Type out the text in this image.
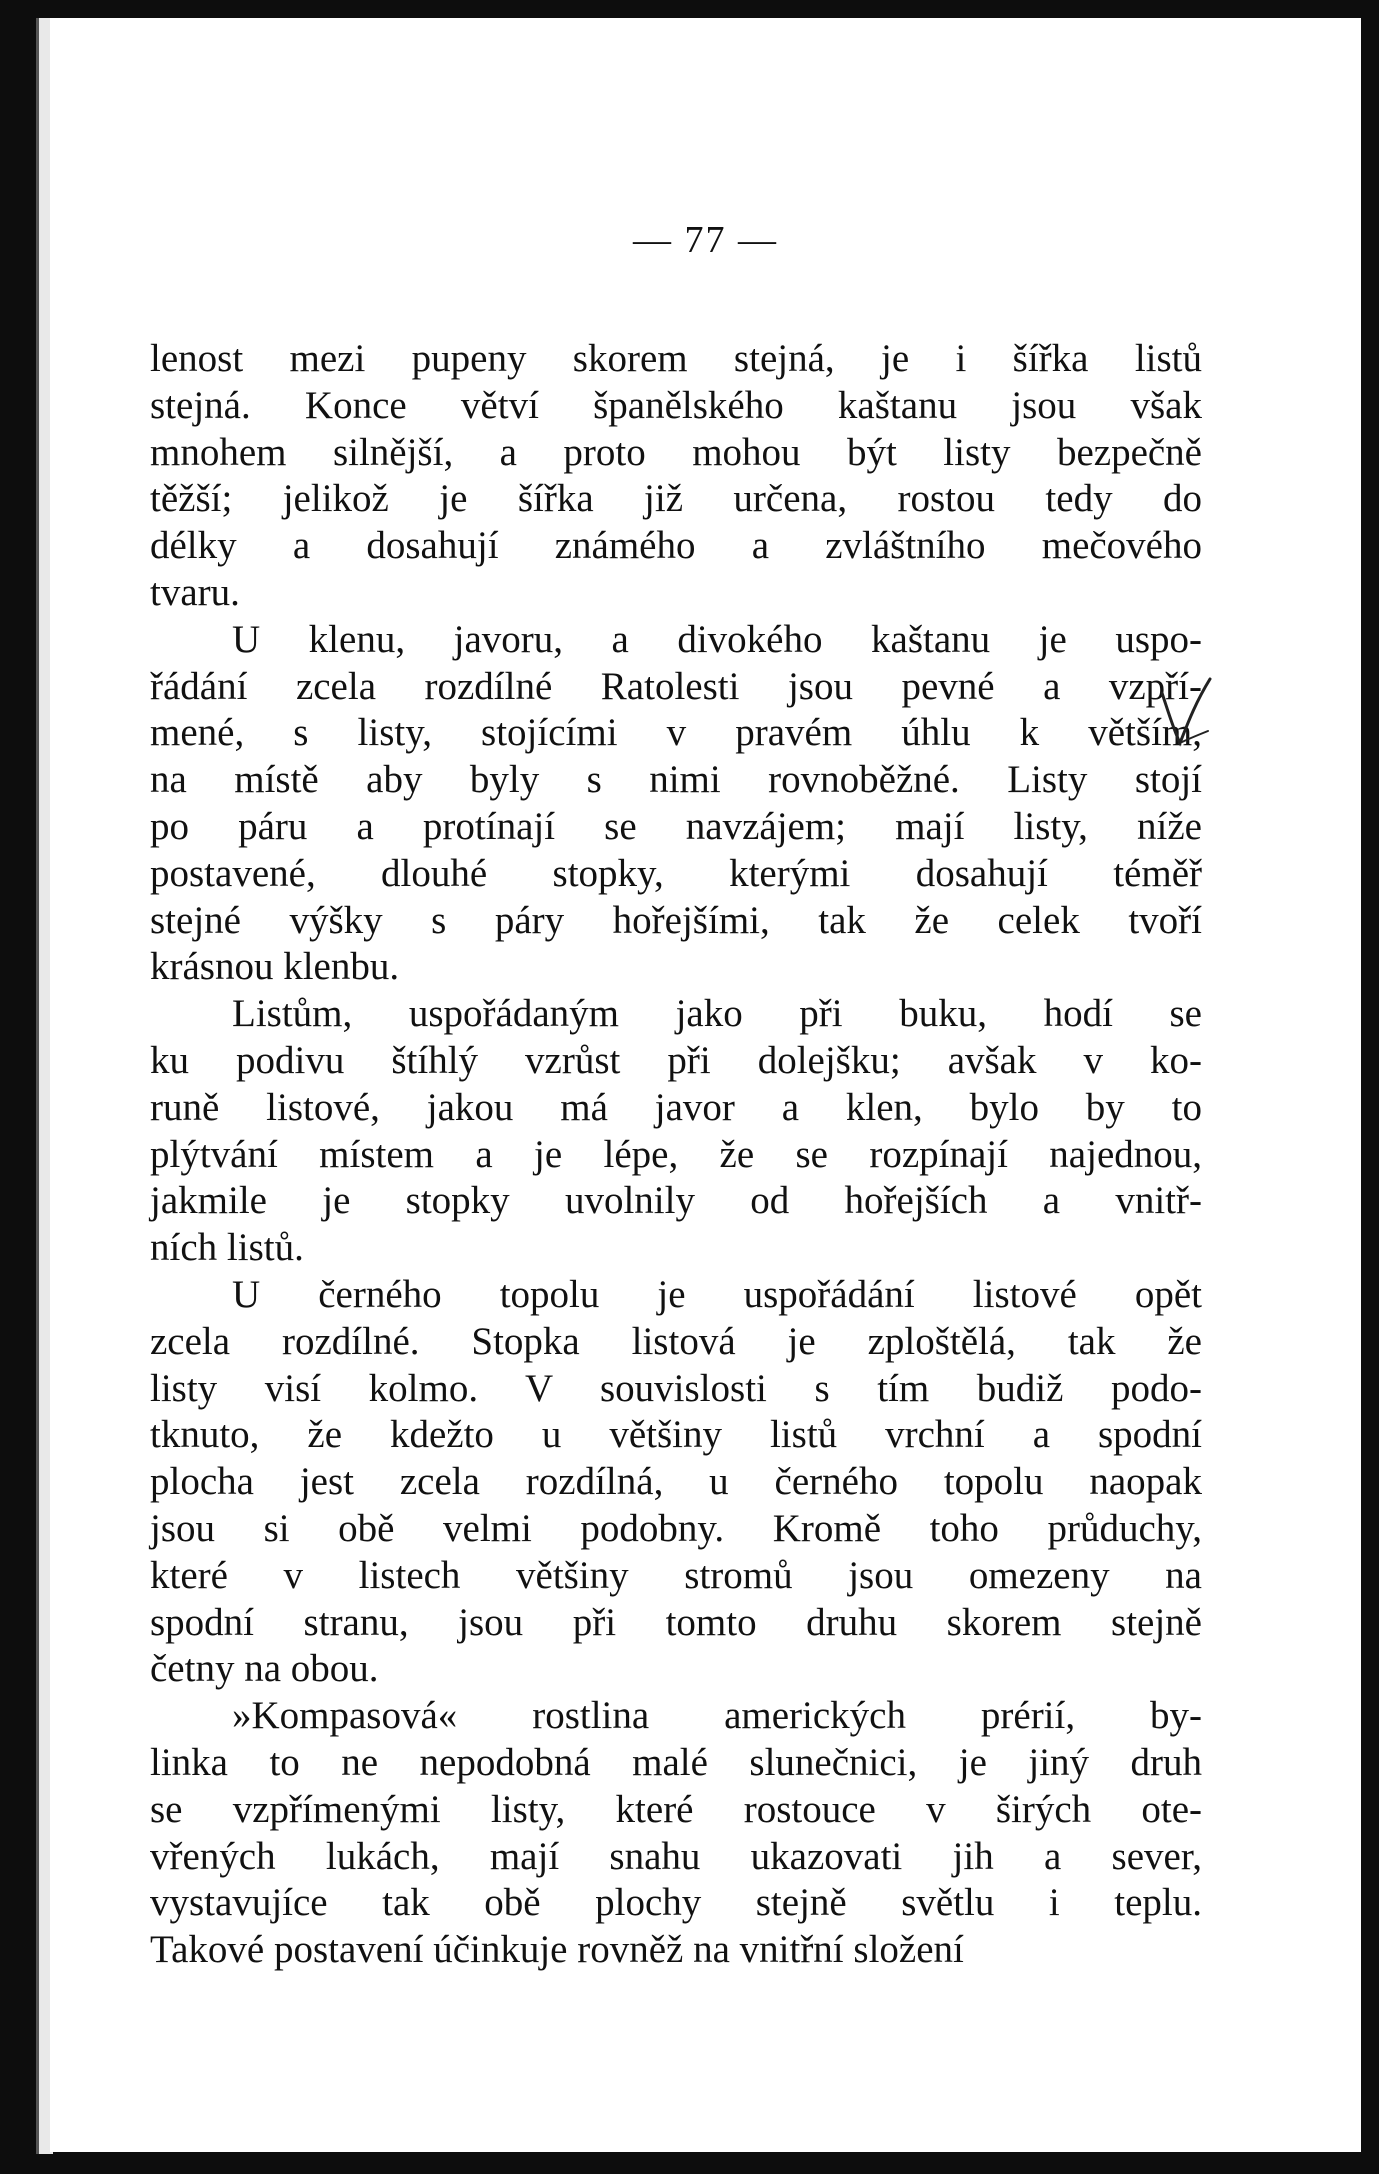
— 77 —
lenost mezi pupeny skorem stejná, je i šířka listů
stejná. Konce větví španělského kaštanu jsou však
mnohem silnější, a proto mohou být listy bezpečně
těžší; jelikož je šířka již určena, rostou tedy do
délky a dosahují známého a zvláštního mečového
tvaru.
U klenu, javoru, a divokého kaštanu je uspo-
řádání zcela rozdílné Ratolesti jsou pevné a vzpří-
mené, s listy, stojícími v pravém úhlu k větším,
na místě aby byly s nimi rovnoběžné. Listy stojí
po páru a protínají se navzájem; mají listy, níže
postavené, dlouhé stopky, kterými dosahují téměř
stejné výšky s páry hořejšími, tak že celek tvoří
krásnou klenbu.
Listům, uspořádaným jako při buku, hodí se
ku podivu štíhlý vzrůst při dolejšku; avšak v ko-
runě listové, jakou má javor a klen, bylo by to
plýtvání místem a je lépe, že se rozpínají najednou,
jakmile je stopky uvolnily od hořejších a vnitř-
ních listů.
U černého topolu je uspořádání listové opět
zcela rozdílné. Stopka listová je zploštělá, tak že
listy visí kolmo. V souvislosti s tím budiž podo-
tknuto, že kdežto u většiny listů vrchní a spodní
plocha jest zcela rozdílná, u černého topolu naopak
jsou si obě velmi podobny. Kromě toho průduchy,
které v listech většiny stromů jsou omezeny na
spodní stranu, jsou při tomto druhu skorem stejně
četny na obou.
»Kompasová« rostlina amerických prérií, by-
linka to ne nepodobná malé slunečnici, je jiný druh
se vzpřímenými listy, které rostouce v širých ote-
vřených lukách, mají snahu ukazovati jih a sever,
vystavujíce tak obě plochy stejně světlu i teplu.
Takové postavení účinkuje rovněž na vnitřní složení
